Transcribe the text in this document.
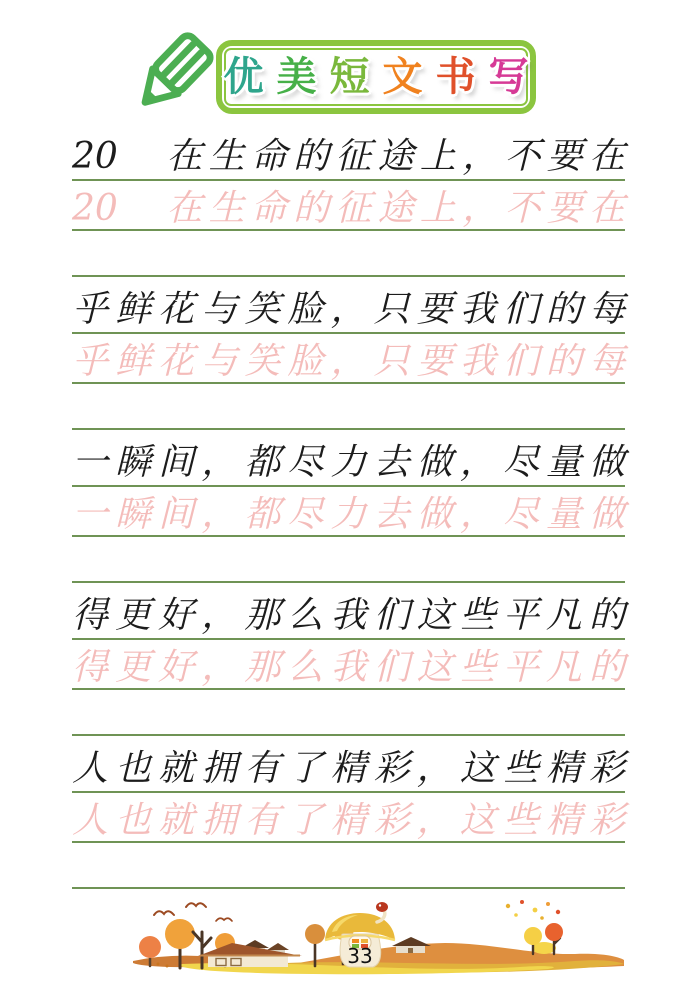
优 美 短 文 书 写
20　在生命的征途上，不要在
20　在生命的征途上，不要在
乎鲜花与笑脸，只要我们的每
乎鲜花与笑脸，只要我们的每
一瞬间，都尽力去做，尽量做
一瞬间，都尽力去做，尽量做
得更好，那么我们这些平凡的
得更好，那么我们这些平凡的
人也就拥有了精彩，这些精彩
人也就拥有了精彩，这些精彩
33
